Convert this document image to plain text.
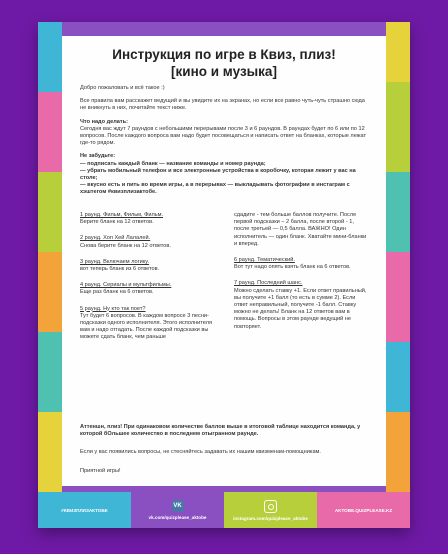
Инструкция по игре в Квиз, плиз!
[кино и музыка]
Добро пожаловать и всё такое :)
Все правила вам расскажет ведущий и вы увидите их на экранах, но если все равно чуть-чуть страшно сюда не вникнуть в них, почитайте текст ниже.
Что надо делать:
Сегодня вас ждут 7 раундов с небольшими перерывами после 3 и 6 раундов. В раундах будет по 6 или по 12 вопросов. После каждого вопроса вам надо будет посовещаться и написать ответ на бланках, которые лежат где-то рядом.
Не забудьте:
— подписать каждый бланк — название команды и номер раунда;
— убрать мобильный телефон и все электронные устройства в коробочку, которая лежит у вас на столе;
— вкусно есть и пить во время игры, а в перерывах — выкладывать фотографии в инстаграм с хэштегом #квизплизактобе.
1 раунд. Фильм, Фильм, Фильм.
Берите бланк на 12 ответов.
2 раунд. Хоп Хей Лалалей.
Снова берите бланк на 12 ответов.
3 раунд. Включаем логику.
вот теперь бланк из 6 ответов.
4 раунд. Сериалы и мультфильмы.
Еще раз бланк на 6 ответов.
5 раунд. Ну кто так поет?
Тут будет 6 вопросов. В каждом вопросе 3 песни-подсказки одного исполнителя. Этого исполнителя вам и надо отгадать. После каждой подсказки вы можете сдать бланк, чем раньше
сдадите - тем больше баллов получите. После первой подсказки – 2 балла, после второй - 1, после третьей — 0,5 балла. ВАЖНО! Один исполнитель — один бланк. Хватайте мини-бланки и вперед.
6 раунд. Тематический.
Вот тут надо опять взять бланк на 6 ответов.
7 раунд. Последний шанс.
Можно сделать ставку +1. Если ответ правильный, вы получите +1 балл (то есть в сумме 2). Если ответ неправильный, получите -1 балл. Ставку можно не делать! Бланк на 12 ответов вам в помощь. Вопросы в этом раунде ведущий не повторяет.
Аттеншн, плиз! При одинаковом количестве баллов выше в итоговой таблице находится команда, у которой бОльшее количество в последнем отыгранном раунде.
Если у вас появились вопросы, не стесняйтесь задавать их нашим квизменам-помощникам.
Приятной игры!
#КВИЗПЛИЗАКТОБЕ
VK
vk.com/quizplease_aktobe	instagram.com/quizplease_aktobe
AKTOBE.QUIZPLEASE.KZ
